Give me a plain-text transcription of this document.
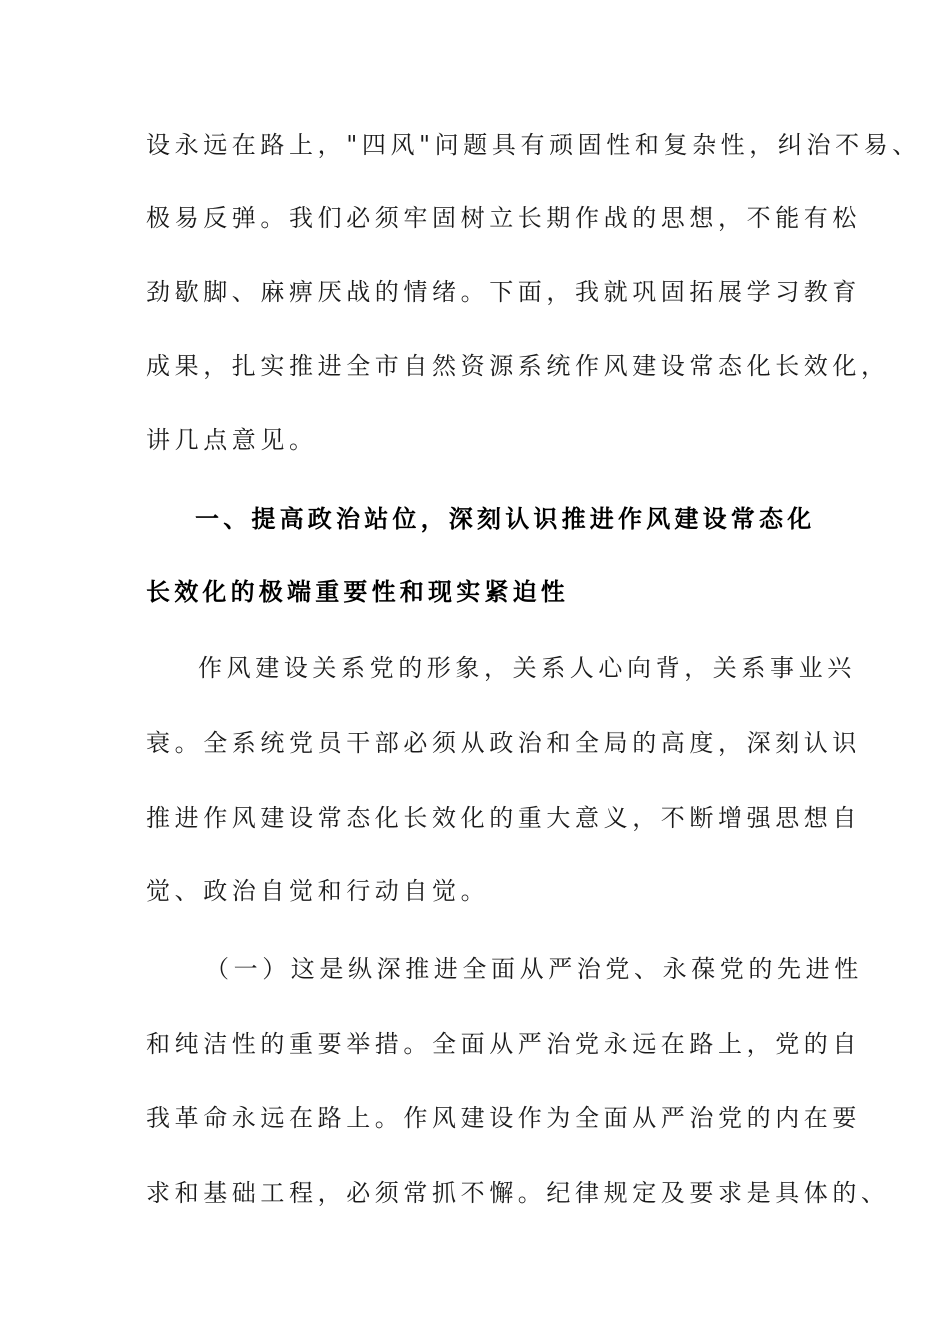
设永远在路上，"四风"问题具有顽固性和复杂性，纠治不易、
极易反弹。我们必须牢固树立长期作战的思想，不能有松
劲歇脚、麻痹厌战的情绪。下面，我就巩固拓展学习教育
成果，扎实推进全市自然资源系统作风建设常态化长效化，
讲几点意见。
一、提高政治站位，深刻认识推进作风建设常态化
长效化的极端重要性和现实紧迫性
作风建设关系党的形象，关系人心向背，关系事业兴
衰。全系统党员干部必须从政治和全局的高度，深刻认识
推进作风建设常态化长效化的重大意义，不断增强思想自
觉、政治自觉和行动自觉。
（一）这是纵深推进全面从严治党、永葆党的先进性
和纯洁性的重要举措。全面从严治党永远在路上，党的自
我革命永远在路上。作风建设作为全面从严治党的内在要
求和基础工程，必须常抓不懈。纪律规定及要求是具体的、
